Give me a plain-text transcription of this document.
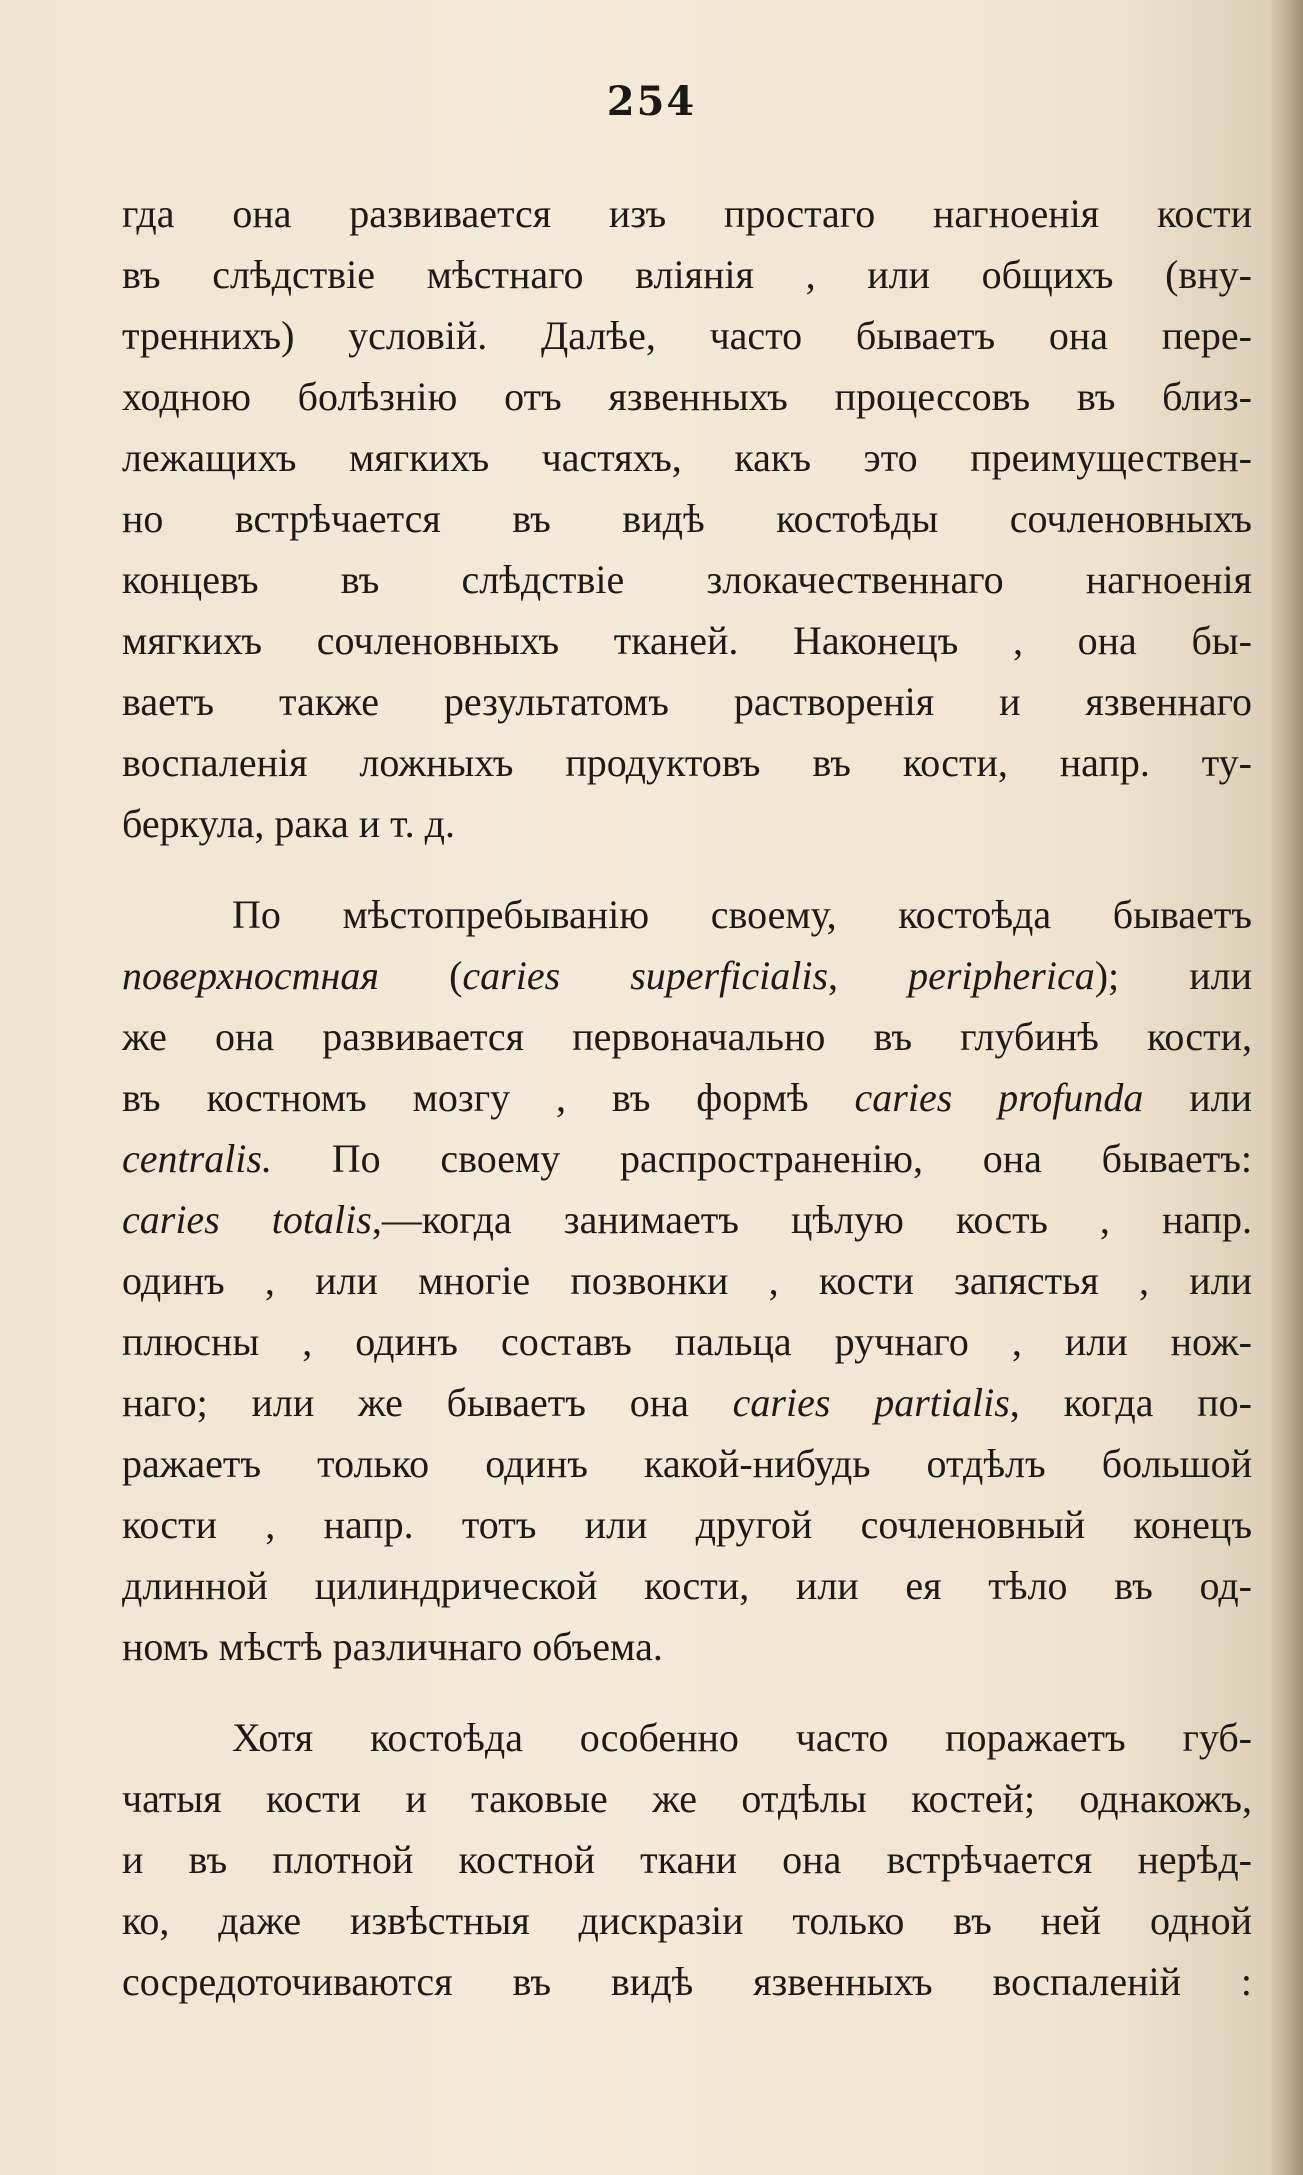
254
гда она развивается изъ простаго нагноенія кости
въ слѣдствіе мѣстнаго вліянія , или общихъ (вну-
треннихъ) условій. Далѣе, часто бываетъ она пере-
ходною болѣзнію отъ язвенныхъ процессовъ въ близ-
лежащихъ мягкихъ частяхъ, какъ это преимуществен-
но встрѣчается въ видѣ костоѣды сочленовныхъ
концевъ въ слѣдствіе злокачественнаго нагноенія
мягкихъ сочленовныхъ тканей. Наконецъ , она бы-
ваетъ также результатомъ растворенія и язвеннаго
воспаленія ложныхъ продуктовъ въ кости, напр. ту-
беркула, рака и т. д.
По мѣстопребыванію своему, костоѣда бываетъ
поверхностная (caries superficialis, peripherica); или
же она развивается первоначально въ глубинѣ кости,
въ костномъ мозгу , въ формѣ caries profunda или
centralis. По своему распространенію, она бываетъ:
caries totalis,—когда занимаетъ цѣлую кость , напр.
одинъ , или многіе позвонки , кости запястья , или
плюсны , одинъ составъ пальца ручнаго , или нож-
наго; или же бываетъ она caries partialis, когда по-
ражаетъ только одинъ какой-нибудь отдѣлъ большой
кости , напр. тотъ или другой сочленовный конецъ
длинной цилиндрической кости, или ея тѣло въ од-
номъ мѣстѣ различнаго объема.
Хотя костоѣда особенно часто поражаетъ губ-
чатыя кости и таковые же отдѣлы костей; однакожъ,
и въ плотной костной ткани она встрѣчается нерѣд-
ко, даже извѣстныя дискразіи только въ ней одной
сосредоточиваются въ видѣ язвенныхъ воспаленій :
